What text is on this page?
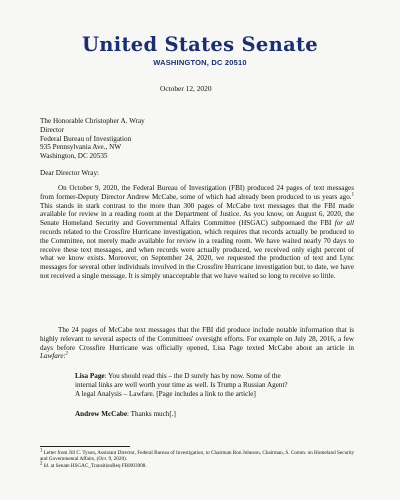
United States Senate
WASHINGTON, DC 20510
October 12, 2020
The Honorable Christopher A. Wray
Director
Federal Bureau of Investigation
935 Pennsylvania Ave., NW
Washington, DC 20535
Dear Director Wray:
On October 9, 2020, the Federal Bureau of Investigation (FBI) produced 24 pages of text messages from former-Deputy Director Andrew McCabe, some of which had already been produced to us years ago.$^1$ This stands in stark contrast to the more than 300 pages of McCabe text messages that the FBI made available for review in a reading room at the Department of Justice. As you know, on August 6, 2020, the Senate Homeland Security and Governmental Affairs Committee (HSGAC) subpoenaed the FBI for all records related to the Crossfire Hurricane investigation, which requires that records actually be produced to the Committee, not merely made available for review in a reading room. We have waited nearly 70 days to receive these text messages, and when records were actually produced, we received only eight percent of what we know exists. Moreover, on September 24, 2020, we requested the production of text and Lync messages for several other individuals involved in the Crossfire Hurricane investigation but, to date, we have not received a single message. It is simply unacceptable that we have waited so long to receive so little.
The 24 pages of McCabe text messages that the FBI did produce include notable information that is highly relevant to several aspects of the Committees' oversight efforts. For example on July 28, 2016, a few days before Crossfire Hurricane was officially opened, Lisa Page texted McCabe about an article in Lawfare:$^2$
Lisa Page: You should read this – the D surely has by now. Some of the internal links are well worth your time as well. Is Trump a Russian Agent? A legal Analysis – Lawfare. [Page includes a link to the article]
Andrew McCabe: Thanks much[.]
$^1$ Letter from Jill C. Tyson, Assistant Director, Federal Bureau of Investigation, to Chairman Ron Johnson, Chairman, S. Comm. on Homeland Security and Governmental Affairs, (Oct. 9, 2020).
$^2$ Id. at Senate HSGAC_TransitionReq FBI003908.
